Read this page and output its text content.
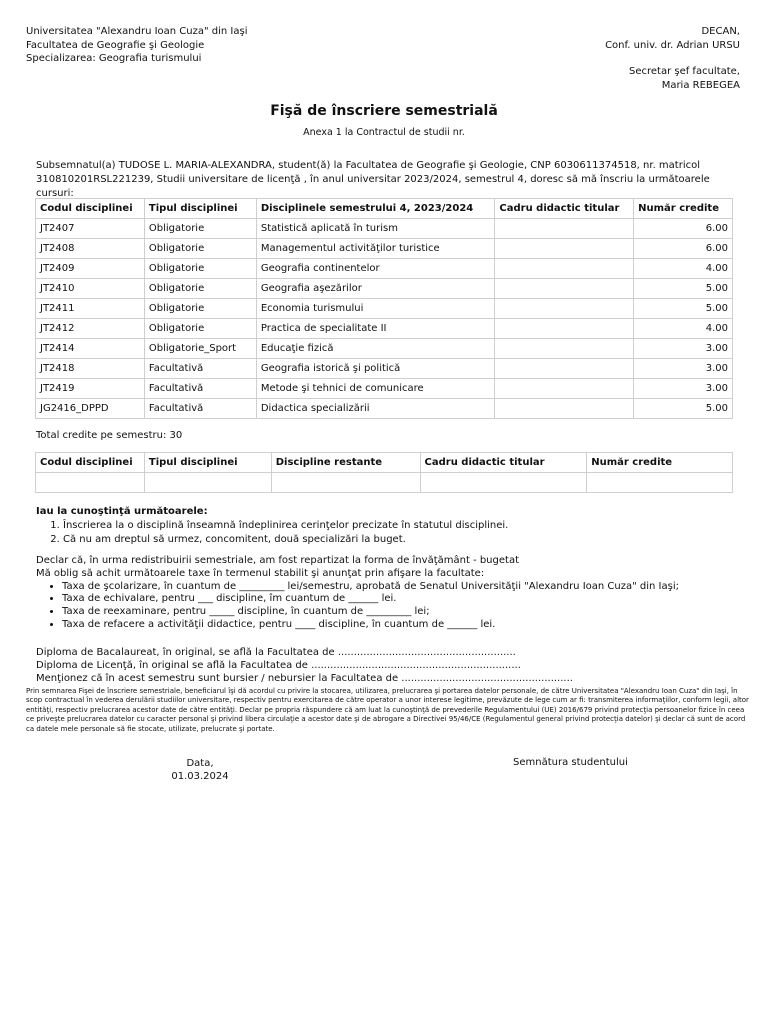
Universitatea "Alexandru Ioan Cuza" din Iaşi
Facultatea de Geografie şi Geologie
Specializarea: Geografia turismului
DECAN,
Conf. univ. dr. Adrian URSU
Secretar şef facultate,
Maria REBEGEA
Fişă de înscriere semestrială
Anexa 1 la Contractul de studii nr.
Subsemnatul(a) TUDOSE L. MARIA-ALEXANDRA, student(ă) la Facultatea de Geografie şi Geologie, CNP 6030611374518, nr. matricol
310810201RSL221239, Studii universitare de licenţă , în anul universitar 2023/2024, semestrul 4, doresc să mă înscriu la următoarele cursuri:
Codul disciplinei	Tipul disciplinei	Disciplinele semestrului 4, 2023/2024	Cadru didactic titular	Număr credite
JT2407	Obligatorie	Statistică aplicată în turism		6.00
JT2408	Obligatorie	Managementul activităţilor turistice		6.00
JT2409	Obligatorie	Geografia continentelor		4.00
JT2410	Obligatorie	Geografia aşezărilor		5.00
JT2411	Obligatorie	Economia turismului		5.00
JT2412	Obligatorie	Practica de specialitate II		4.00
JT2414	Obligatorie_Sport	Educaţie fizică		3.00
JT2418	Facultativă	Geografia istorică şi politică		3.00
JT2419	Facultativă	Metode şi tehnici de comunicare		3.00
JG2416_DPPD	Facultativă	Didactica specializării		5.00
Total credite pe semestru: 30
Codul disciplinei	Tipul disciplinei	Discipline restante	Cadru didactic titular	Număr credite

Iau la cunoştinţă următoarele:
1. Înscrierea la o disciplină înseamnă îndeplinirea cerinţelor precizate în statutul disciplinei.
2. Că nu am dreptul să urmez, concomitent, două specializări la buget.
Declar că, în urma redistribuirii semestriale, am fost repartizat la forma de învăţământ - bugetat
Mă oblig să achit următoarele taxe în termenul stabilit şi anunţat prin afişare la facultate:
• Taxa de şcolarizare, în cuantum de _________ lei/semestru, aprobată de Senatul Universităţii "Alexandru Ioan Cuza" din Iaşi;
• Taxa de echivalare, pentru ___ discipline, îm cuantum de ______ lei.
• Taxa de reexaminare, pentru _____ discipline, în cuantum de _________ lei;
• Taxa de refacere a activităţii didactice, pentru ____ discipline, în cuantum de ______ lei.
Diploma de Bacalaureat, în original, se află la Facultatea de ........................................................
Diploma de Licenţă, în original se află la Facultatea de ..................................................................
Menţionez că în acest semestru sunt bursier / nebursier la Facultatea de ......................................................
Prin semnarea Fişei de înscriere semestriale, beneficiarul îşi dă acordul cu privire la stocarea, utilizarea, prelucrarea şi portarea datelor personale, de către Universitatea "Alexandru Ioan Cuza" din Iaşi, în scop contractual în vederea derulării studiilor universitare, respectiv pentru exercitarea de către operator a unor interese legitime, prevăzute de lege cum ar fi: transmiterea informaţiilor, conform legii, altor entităţi, respectiv prelucrarea acestor date de către entităţi. Declar pe propria răspundere că am luat la cunoştinţă de prevederile Regulamentului (UE) 2016/679 privind protecţia persoanelor fizice în ceea ce priveşte prelucrarea datelor cu caracter personal şi privind libera circulaţie a acestor date şi de abrogare a Directivei 95/46/CE (Regulamentul general privind protecţia datelor) şi declar că sunt de acord ca datele mele personale să fie stocate, utilizate, prelucrate şi portate.
Data,
01.03.2024
Semnătura studentului
